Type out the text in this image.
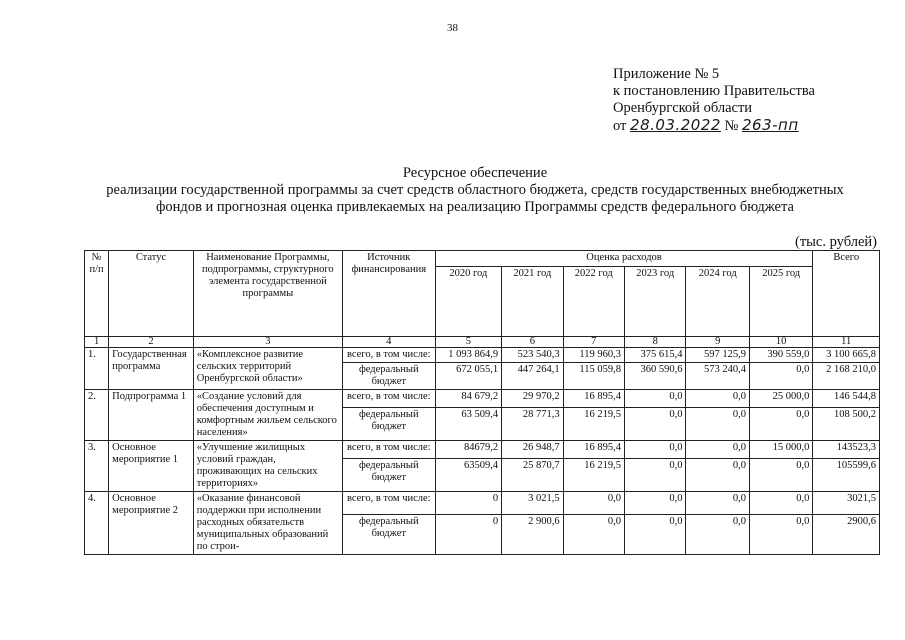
38
Приложение № 5
к постановлению Правительства
Оренбургской области
от 28.03.2022 № 263-пп
Ресурсное обеспечение
реализации государственной программы за счет средств областного бюджета, средств государственных внебюджетных
фондов и прогнозная оценка привлекаемых на реализацию Программы средств федерального бюджета
(тыс. рублей)
№ п/п	Статус	Наименование Программы, подпрограммы, структурного элемента государственной программы	Источник финансирования	Оценка расходов						Всего
				2020 год	2021 год	2022 год	2023 год	2024 год	2025 год	
1	2	3	4	5	6	7	8	9	10	11
1.	Государственная программа	«Комплексное развитие сельских территорий Оренбургской области»	всего, в том числе:	1 093 864,9	523 540,3	119 960,3	375 615,4	597 125,9	390 559,0	3 100 665,8
			федеральный бюджет	672 055,1	447 264,1	115 059,8	360 590,6	573 240,4	0,0	2 168 210,0
2.	Подпрограмма 1	«Создание условий для обеспечения доступным и комфортным жильем сельского населения»	всего, в том числе:	84 679,2	29 970,2	16 895,4	0,0	0,0	25 000,0	146 544,8
			федеральный бюджет	63 509,4	28 771,3	16 219,5	0,0	0,0	0,0	108 500,2
3.	Основное мероприятие 1	«Улучшение жилищных условий граждан, проживающих на сельских территориях»	всего, в том числе:	84679,2	26 948,7	16 895,4	0,0	0,0	15 000,0	143523,3
			федеральный бюджет	63509,4	25 870,7	16 219,5	0,0	0,0	0,0	105599,6
4.	Основное мероприятие 2	«Оказание финансовой поддержки при исполнении расходных обязательств муниципальных образований по строи-	всего, в том числе:	0	3 021,5	0,0	0,0	0,0	0,0	3021,5
			федеральный бюджет	0	2 900,6	0,0	0,0	0,0	0,0	2900,6
